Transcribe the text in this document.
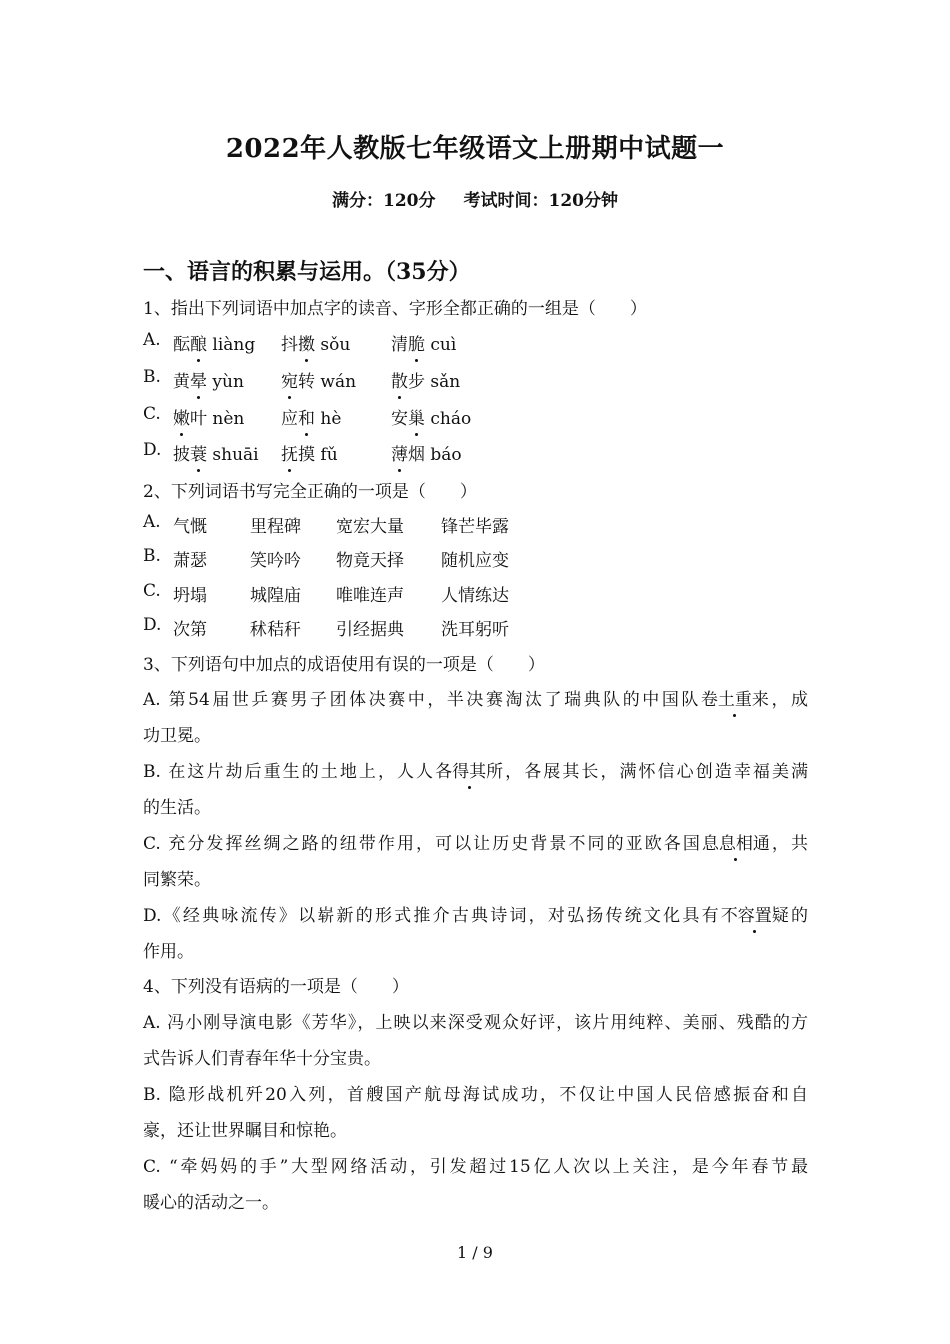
2022年人教版七年级语文上册期中试题一
满分：120分 考试时间：120分钟
一、语言的积累与运用。（35分）
1、指出下列词语中加点字的读音、字形全都正确的一组是（　　）
A. 酝酿 liàng 抖擞 sǒu 清脆 cuì
B. 黄晕 yùn 宛转 wán 散步 sǎn
C. 嫩叶 nèn 应和 hè	安巢 cháo
D. 披蓑 shuāi 抚摸 fǔ	薄烟 báo
2、下列词语书写完全正确的一项是（　　）
A. 气慨	里程碑 宽宏大量 锋芒毕露
B. 萧瑟	笑吟吟 物竟天择 随机应变
C. 坍塌	城隍庙 唯唯连声 人情练达
D. 次第	秫秸秆 引经据典 洗耳躬听
3、下列语句中加点的成语使用有误的一项是（　　）
A. 第54届世乒赛男子团体决赛中，半决赛淘汰了瑞典队的中国队卷土重来，成
功卫冕。
B. 在这片劫后重生的土地上，人人各得其所，各展其长，满怀信心创造幸福美满
的生活。
C. 充分发挥丝绸之路的纽带作用，可以让历史背景不同的亚欧各国息息相通，共
同繁荣。
D.《经典咏流传》以崭新的形式推介古典诗词，对弘扬传统文化具有不容置疑的
作用。
4、下列没有语病的一项是（　　）
A. 冯小刚导演电影《芳华》，上映以来深受观众好评，该片用纯粹、美丽、残酷的方
式告诉人们青春年华十分宝贵。
B. 隐形战机歼20入列，首艘国产航母海试成功，不仅让中国人民倍感振奋和自
豪，还让世界瞩目和惊艳。
C. “牵妈妈的手”大型网络活动，引发超过15亿人次以上关注，是今年春节最
暖心的活动之一。
1 / 9
